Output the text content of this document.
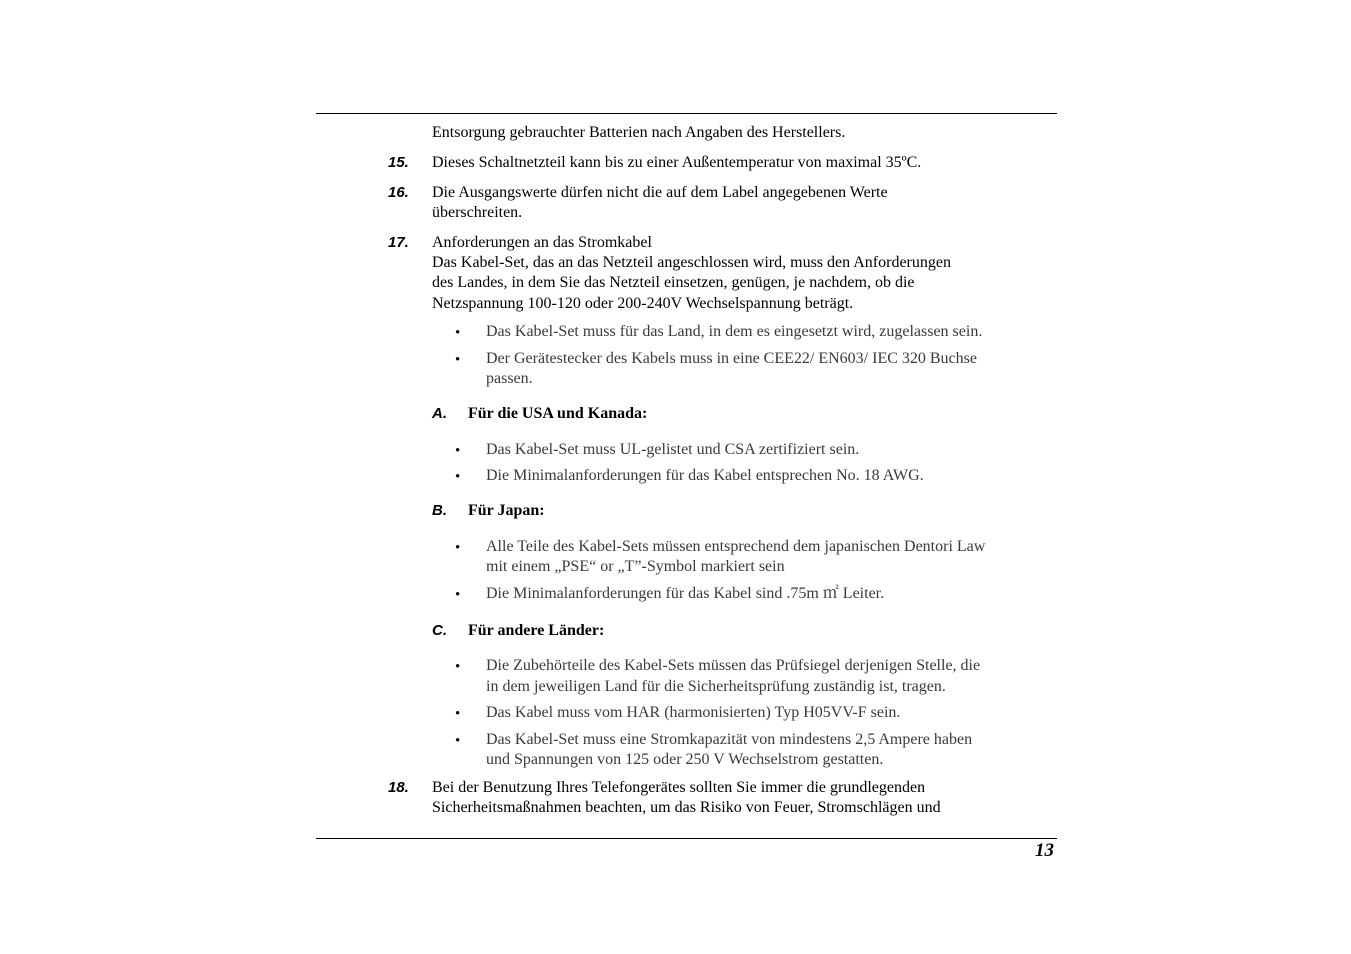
Entsorgung gebrauchter Batterien nach Angaben des Herstellers.
15. Dieses Schaltnetzteil kann bis zu einer Außentemperatur von maximal 35ºC.
16. Die Ausgangswerte dürfen nicht die auf dem Label angegebenen Werte
überschreiten.
17. Anforderungen an das Stromkabel
Das Kabel-Set, das an das Netzteil angeschlossen wird, muss den Anforderungen
des Landes, in dem Sie das Netzteil einsetzen, genügen, je nachdem, ob die
Netzspannung 100-120 oder 200-240V Wechselspannung beträgt.
• Das Kabel-Set muss für das Land, in dem es eingesetzt wird, zugelassen sein.
• Der Gerätestecker des Kabels muss in eine CEE22/ EN603/ IEC 320 Buchse
passen.
A. Für die USA und Kanada:
• Das Kabel-Set muss UL-gelistet und CSA zertifiziert sein.
• Die Minimalanforderungen für das Kabel entsprechen No. 18 AWG.
B. Für Japan:
• Alle Teile des Kabel-Sets müssen entsprechend dem japanischen Dentori Law
mit einem „PSE“ or „T”-Symbol markiert sein
• Die Minimalanforderungen für das Kabel sind .75m ㎡ Leiter.
C. Für andere Länder:
• Die Zubehörteile des Kabel-Sets müssen das Prüfsiegel derjenigen Stelle, die
in dem jeweiligen Land für die Sicherheitsprüfung zuständig ist, tragen.
• Das Kabel muss vom HAR (harmonisierten) Typ H05VV-F sein.
• Das Kabel-Set muss eine Stromkapazität von mindestens 2,5 Ampere haben
und Spannungen von 125 oder 250 V Wechselstrom gestatten.
18. Bei der Benutzung Ihres Telefongerätes sollten Sie immer die grundlegenden
Sicherheitsmaßnahmen beachten, um das Risiko von Feuer, Stromschlägen und
13
